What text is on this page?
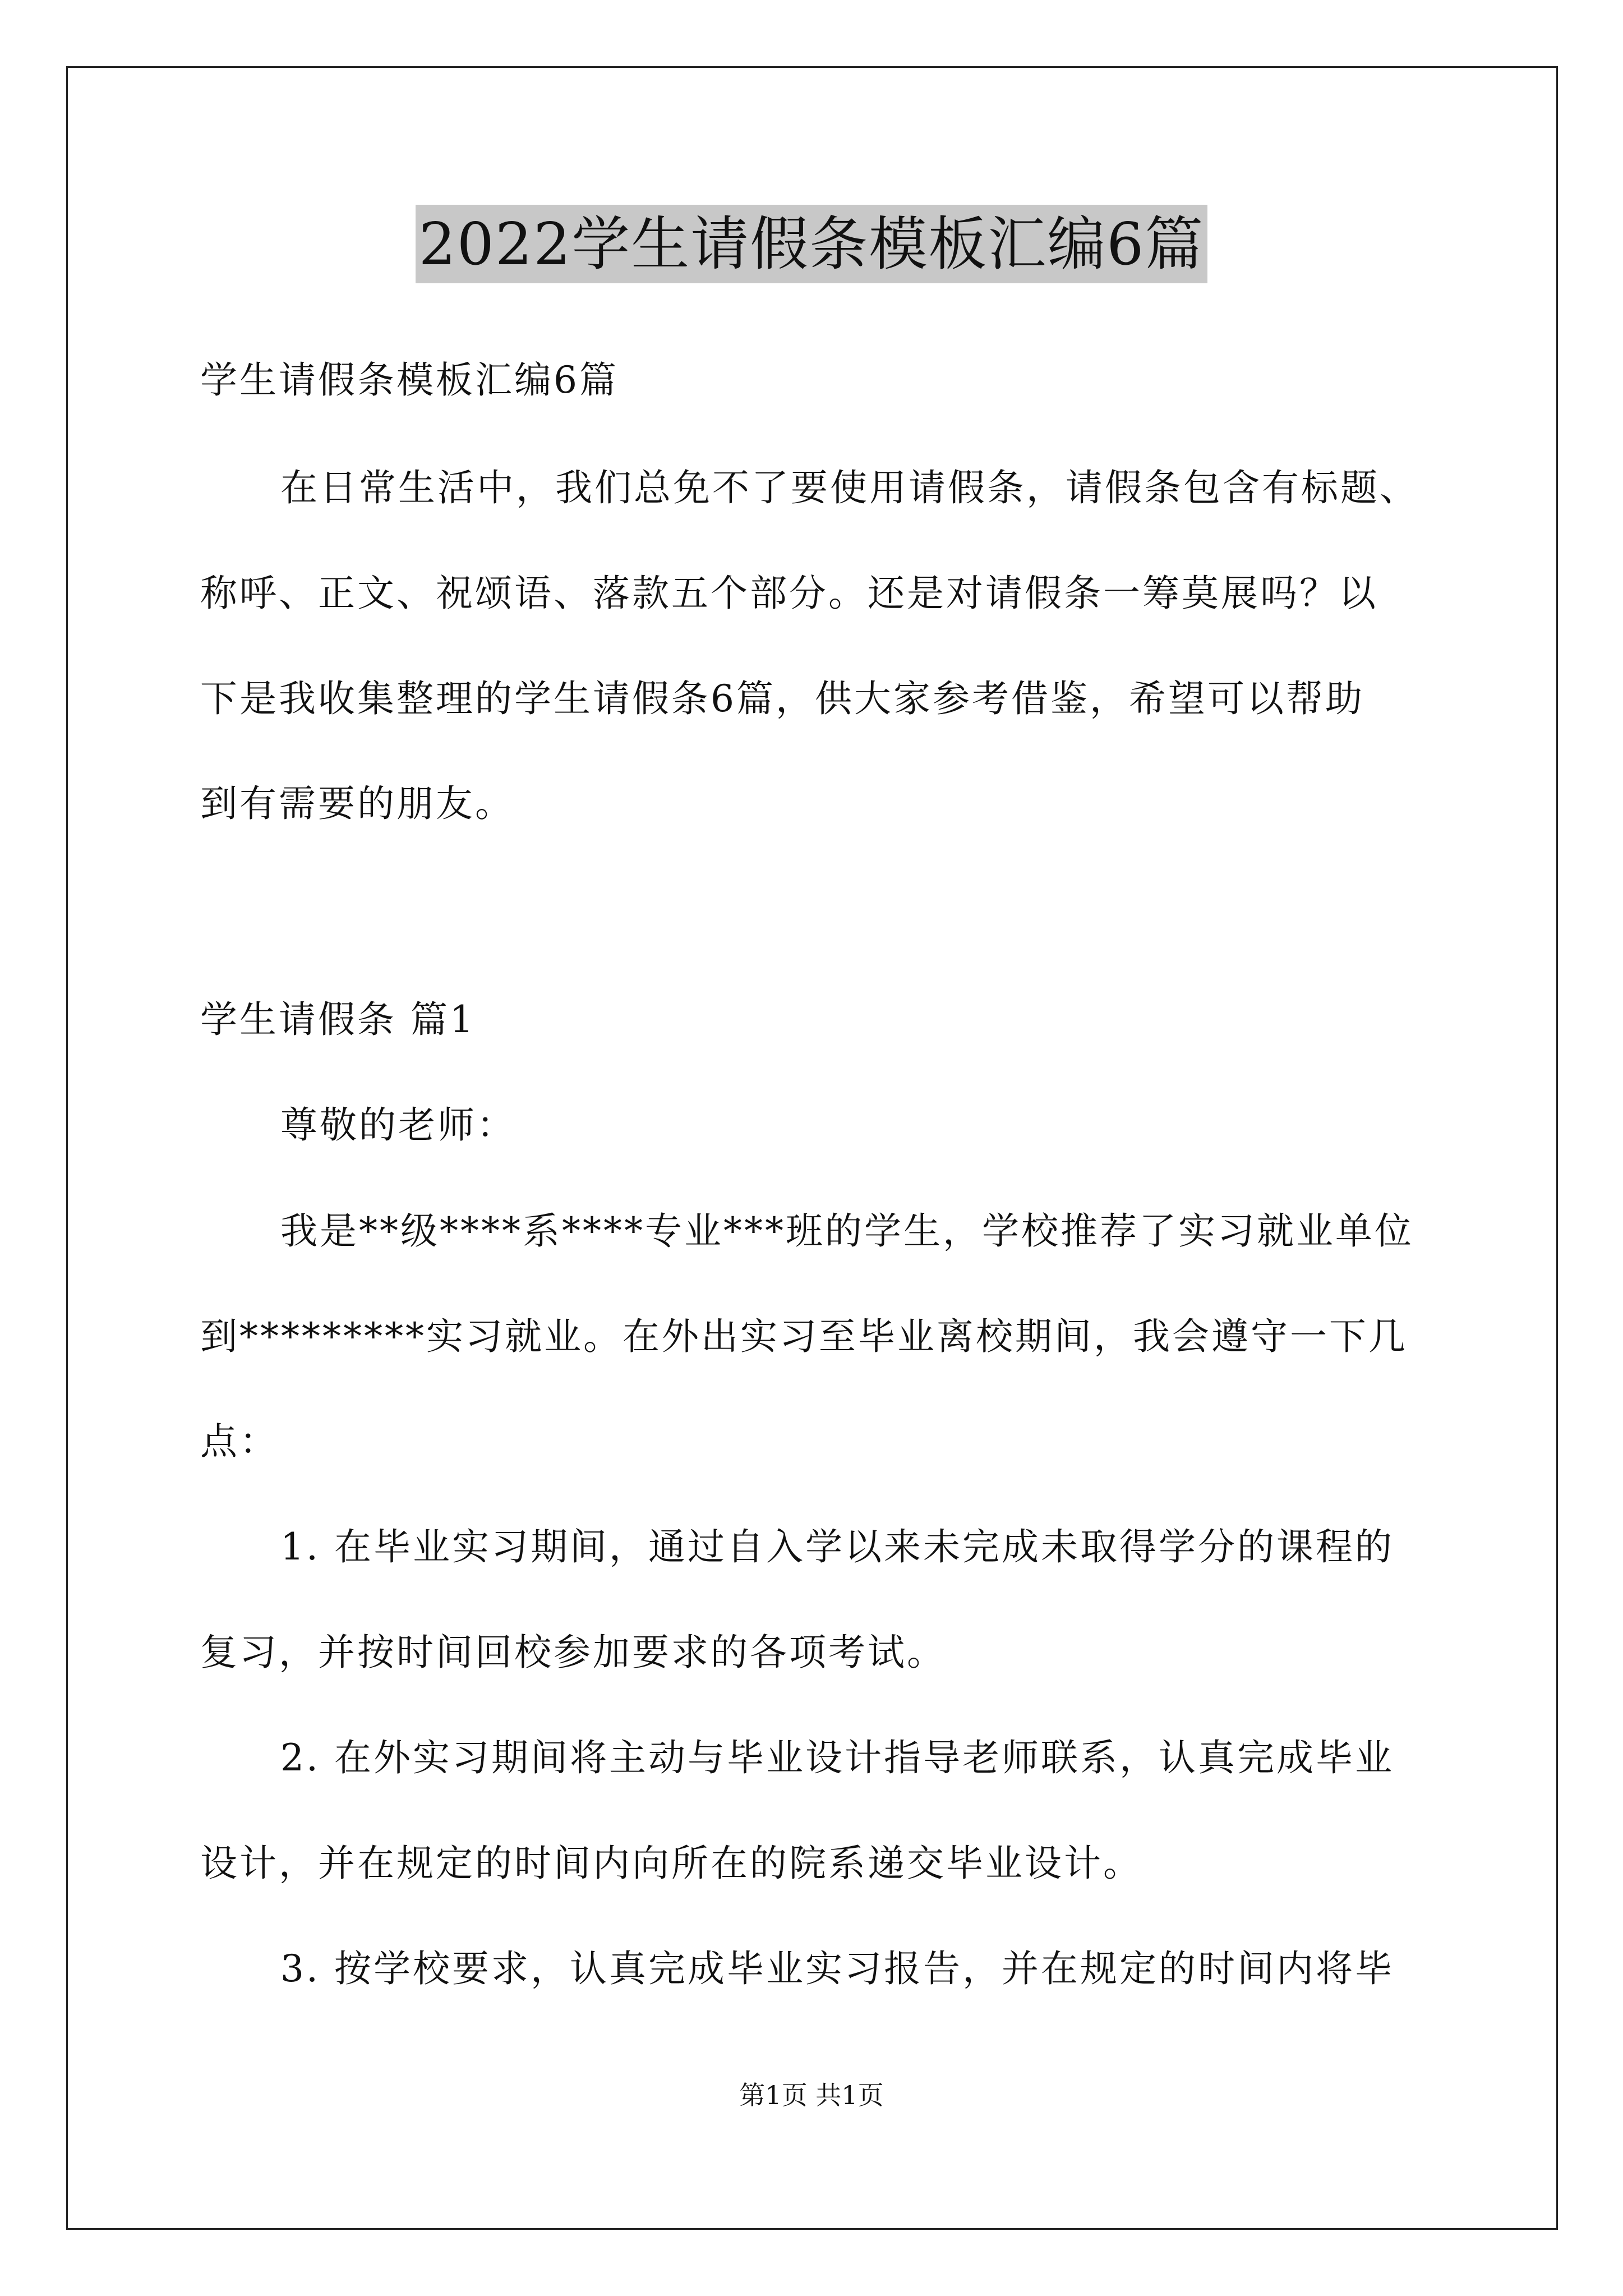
2022学生请假条模板汇编6篇
学生请假条模板汇编6篇
在日常生活中，我们总免不了要使用请假条，请假条包含有标题、
称呼、正文、祝颂语、落款五个部分。还是对请假条一筹莫展吗？以
下是我收集整理的学生请假条6篇，供大家参考借鉴，希望可以帮助
到有需要的朋友。
学生请假条 篇1
尊敬的老师：
我是**级****系****专业***班的学生，学校推荐了实习就业单位
到*********实习就业。在外出实习至毕业离校期间，我会遵守一下几
点：
1. 在毕业实习期间，通过自入学以来未完成未取得学分的课程的
复习，并按时间回校参加要求的各项考试。
2. 在外实习期间将主动与毕业设计指导老师联系，认真完成毕业
设计，并在规定的时间内向所在的院系递交毕业设计。
3. 按学校要求，认真完成毕业实习报告，并在规定的时间内将毕
第1页 共1页
